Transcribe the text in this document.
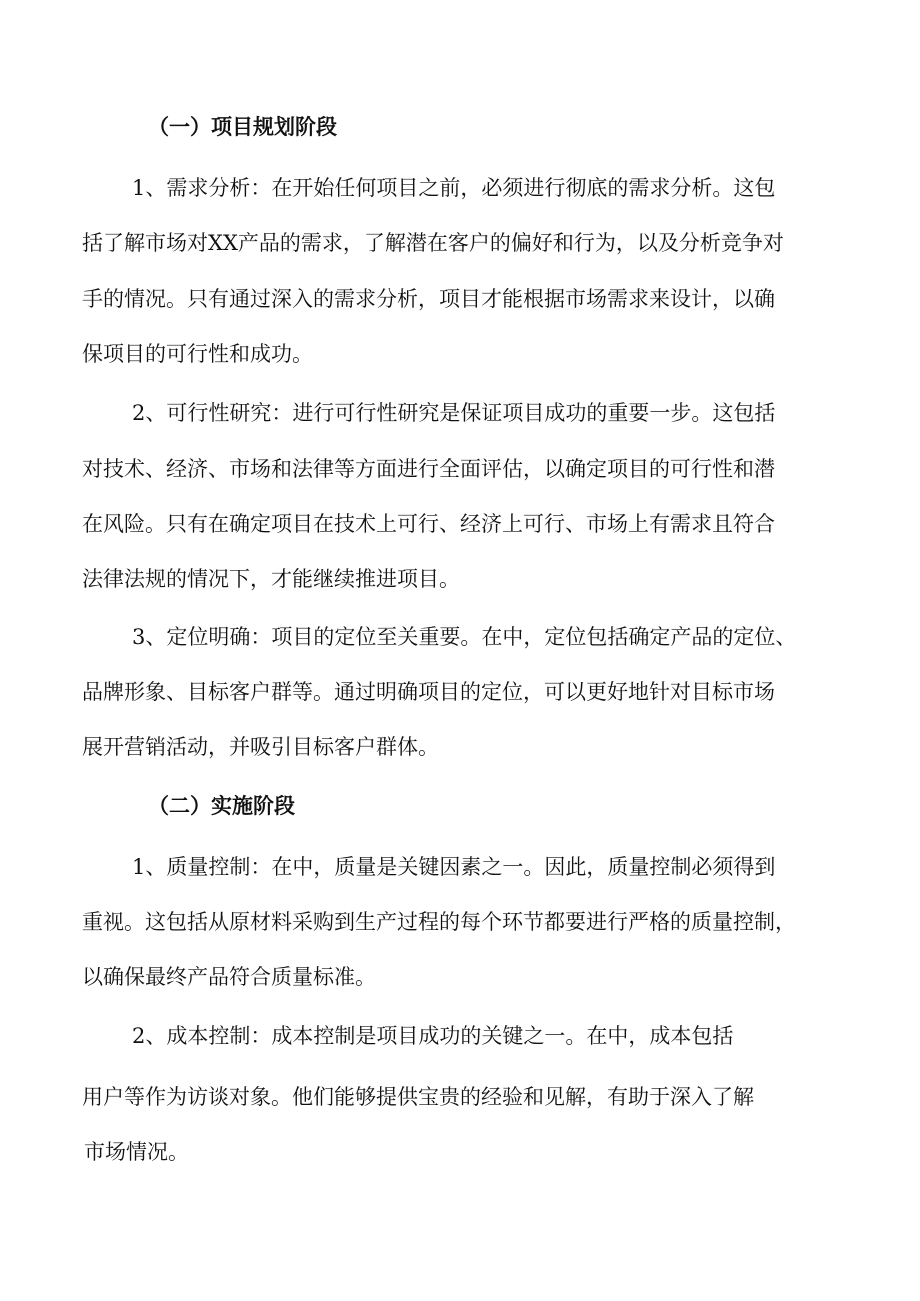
（一）项目规划阶段

1、需求分析：在开始任何项目之前，必须进行彻底的需求分析。这包

括了解市场对XX产品的需求，了解潜在客户的偏好和行为，以及分析竞争对

手的情况。只有通过深入的需求分析，项目才能根据市场需求来设计，以确

保项目的可行性和成功。

2、可行性研究：进行可行性研究是保证项目成功的重要一步。这包括

对技术、经济、市场和法律等方面进行全面评估，以确定项目的可行性和潜

在风险。只有在确定项目在技术上可行、经济上可行、市场上有需求且符合

法律法规的情况下，才能继续推进项目。

3、定位明确：项目的定位至关重要。在中，定位包括确定产品的定位、

品牌形象、目标客户群等。通过明确项目的定位，可以更好地针对目标市场

展开营销活动，并吸引目标客户群体。

（二）实施阶段

1、质量控制：在中，质量是关键因素之一。因此，质量控制必须得到

重视。这包括从原材料采购到生产过程的每个环节都要进行严格的质量控制，

以确保最终产品符合质量标准。

2、成本控制：成本控制是项目成功的关键之一。在中，成本包括

用户等作为访谈对象。他们能够提供宝贵的经验和见解，有助于深入了解

市场情况。
